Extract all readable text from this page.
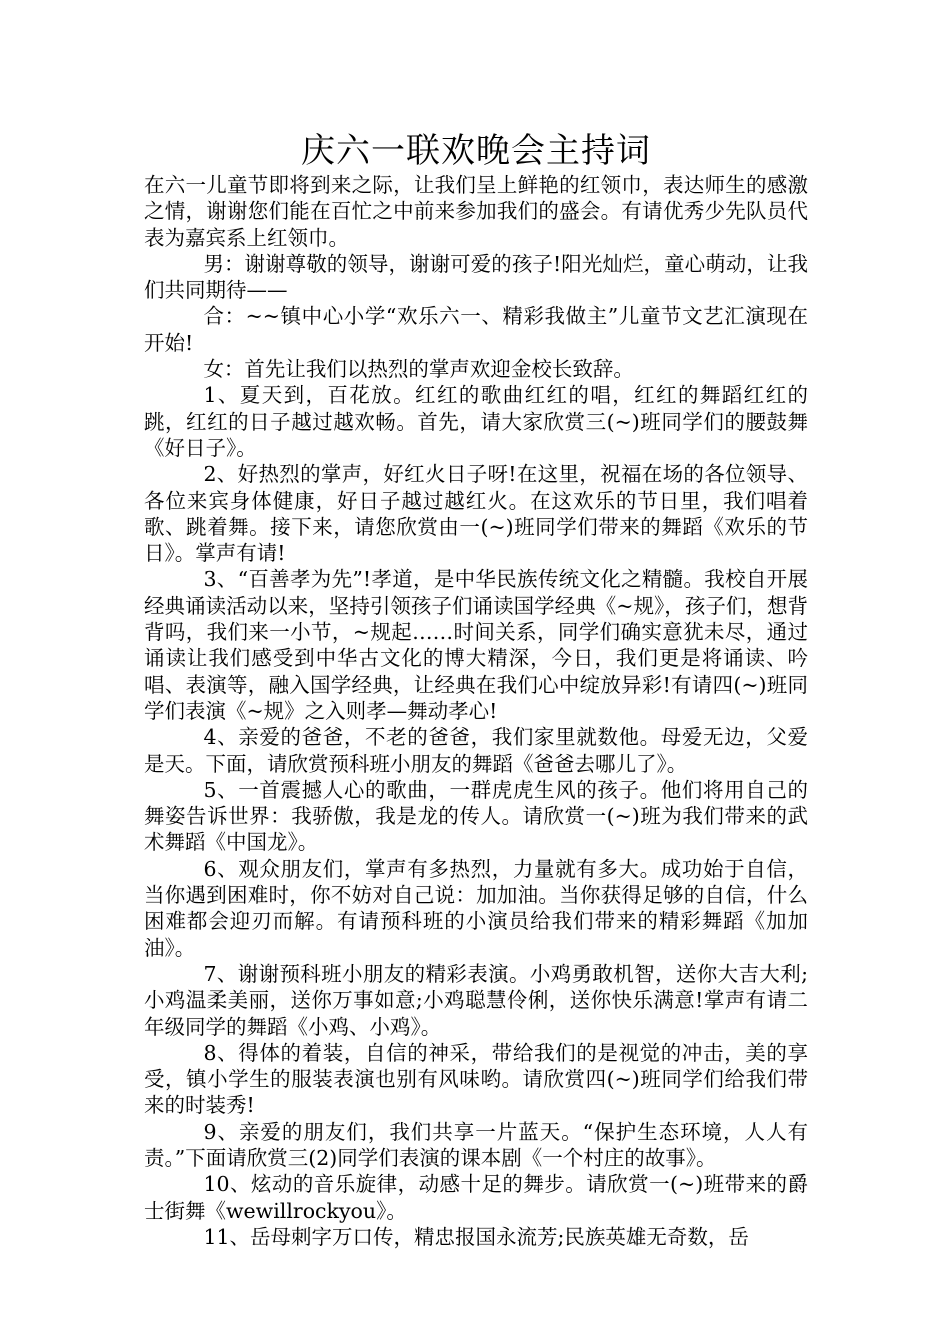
庆六一联欢晚会主持词

在六一儿童节即将到来之际，让我们呈上鲜艳的红领巾，表达师生的感激之情，谢谢您们能在百忙之中前来参加我们的盛会。有请优秀少先队员代表为嘉宾系上红领巾。

男：谢谢尊敬的领导，谢谢可爱的孩子!阳光灿烂，童心萌动，让我们共同期待——

合：~~镇中心小学“欢乐六一、精彩我做主”儿童节文艺汇演现在开始!

女：首先让我们以热烈的掌声欢迎金校长致辞。

1、夏天到，百花放。红红的歌曲红红的唱，红红的舞蹈红红的跳，红红的日子越过越欢畅。首先，请大家欣赏三(~)班同学们的腰鼓舞《好日子》。

2、好热烈的掌声，好红火日子呀!在这里，祝福在场的各位领导、各位来宾身体健康，好日子越过越红火。在这欢乐的节日里，我们唱着歌、跳着舞。接下来，请您欣赏由一(~)班同学们带来的舞蹈《欢乐的节日》。掌声有请!

3、“百善孝为先”!孝道，是中华民族传统文化之精髓。我校自开展经典诵读活动以来，坚持引领孩子们诵读国学经典《~规》，孩子们，想背背吗，我们来一小节，~规起……时间关系，同学们确实意犹未尽，通过诵读让我们感受到中华古文化的博大精深，今日，我们更是将诵读、吟唱、表演等，融入国学经典，让经典在我们心中绽放异彩!有请四(~)班同学们表演《~规》之入则孝—舞动孝心!

4、亲爱的爸爸，不老的爸爸，我们家里就数他。母爱无边，父爱是天。下面，请欣赏预科班小朋友的舞蹈《爸爸去哪儿了》。

5、一首震撼人心的歌曲，一群虎虎生风的孩子。他们将用自己的舞姿告诉世界：我骄傲，我是龙的传人。请欣赏一(~)班为我们带来的武术舞蹈《中国龙》。

6、观众朋友们，掌声有多热烈，力量就有多大。成功始于自信，当你遇到困难时，你不妨对自己说：加加油。当你获得足够的自信，什么困难都会迎刃而解。有请预科班的小演员给我们带来的精彩舞蹈《加加油》。

7、谢谢预科班小朋友的精彩表演。小鸡勇敢机智，送你大吉大利;小鸡温柔美丽，送你万事如意;小鸡聪慧伶俐，送你快乐满意!掌声有请二年级同学的舞蹈《小鸡、小鸡》。

8、得体的着装，自信的神采，带给我们的是视觉的冲击，美的享受，镇小学生的服装表演也别有风味哟。请欣赏四(~)班同学们给我们带来的时装秀!

9、亲爱的朋友们，我们共享一片蓝天。“保护生态环境，人人有责。”下面请欣赏三(2)同学们表演的课本剧《一个村庄的故事》。

10、炫动的音乐旋律，动感十足的舞步。请欣赏一(~)班带来的爵士街舞《wewillrockyou》。

11、岳母刺字万口传，精忠报国永流芳;民族英雄无奇数，岳
